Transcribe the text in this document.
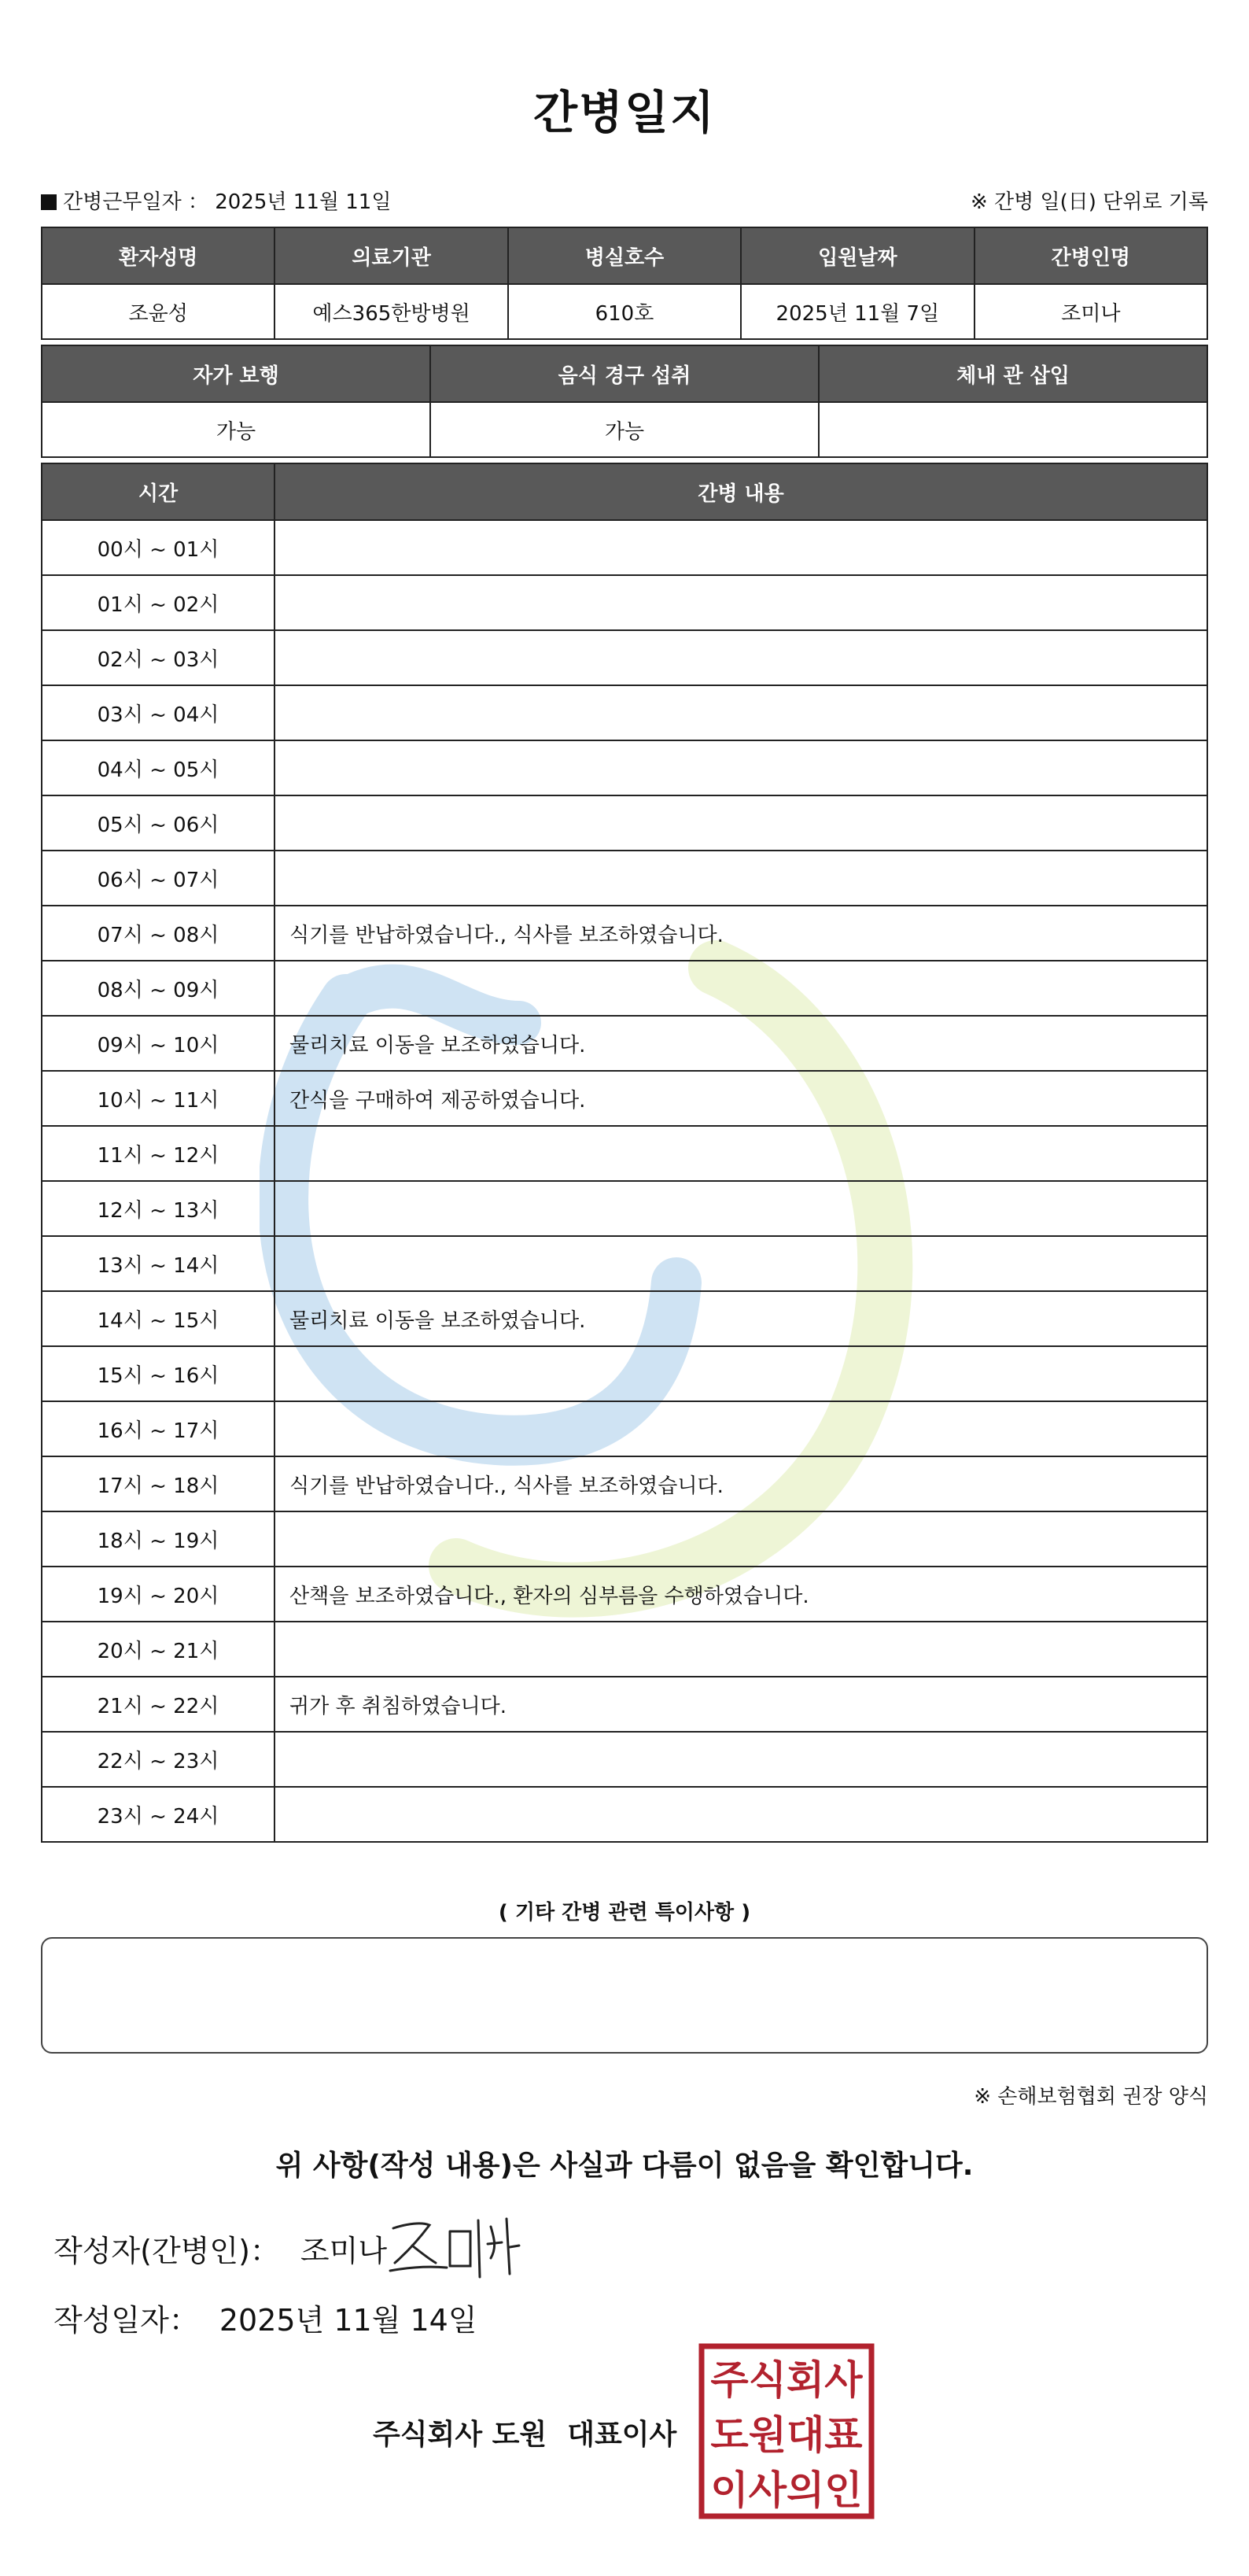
간병일지
간병근무일자 ： 2025년 11월 11일	※ 간병 일(日) 단위로 기록
환자성명	의료기관	병실호수	입원날짜	간병인명
조윤성	예스365한방병원	610호	2025년 11월 7일	조미나
자가 보행	음식 경구 섭취	체내 관 삽입
가능	가능	
시간	간병 내용
00시 ~ 01시	
01시 ~ 02시	
02시 ~ 03시	
03시 ~ 04시	
04시 ~ 05시	
05시 ~ 06시	
06시 ~ 07시	
07시 ~ 08시	식기를 반납하였습니다., 식사를 보조하였습니다.
08시 ~ 09시	
09시 ~ 10시	물리치료 이동을 보조하였습니다.
10시 ~ 11시	간식을 구매하여 제공하였습니다.
11시 ~ 12시	
12시 ~ 13시	
13시 ~ 14시	
14시 ~ 15시	물리치료 이동을 보조하였습니다.
15시 ~ 16시	
16시 ~ 17시	
17시 ~ 18시	식기를 반납하였습니다., 식사를 보조하였습니다.
18시 ~ 19시	
19시 ~ 20시	산책을 보조하였습니다., 환자의 심부름을 수행하였습니다.
20시 ~ 21시	
21시 ~ 22시	귀가 후 취침하였습니다.
22시 ~ 23시	
23시 ~ 24시	
( 기타 간병 관련 특이사항 )
※ 손해보험협회 권장 양식
위 사항(작성 내용)은 사실과 다름이 없음을 확인합니다.
작성자(간병인)： 조미나
작성일자： 2025년 11월 14일
주식회사 도원 대표이사
주식회사
도원대표
이사의인
